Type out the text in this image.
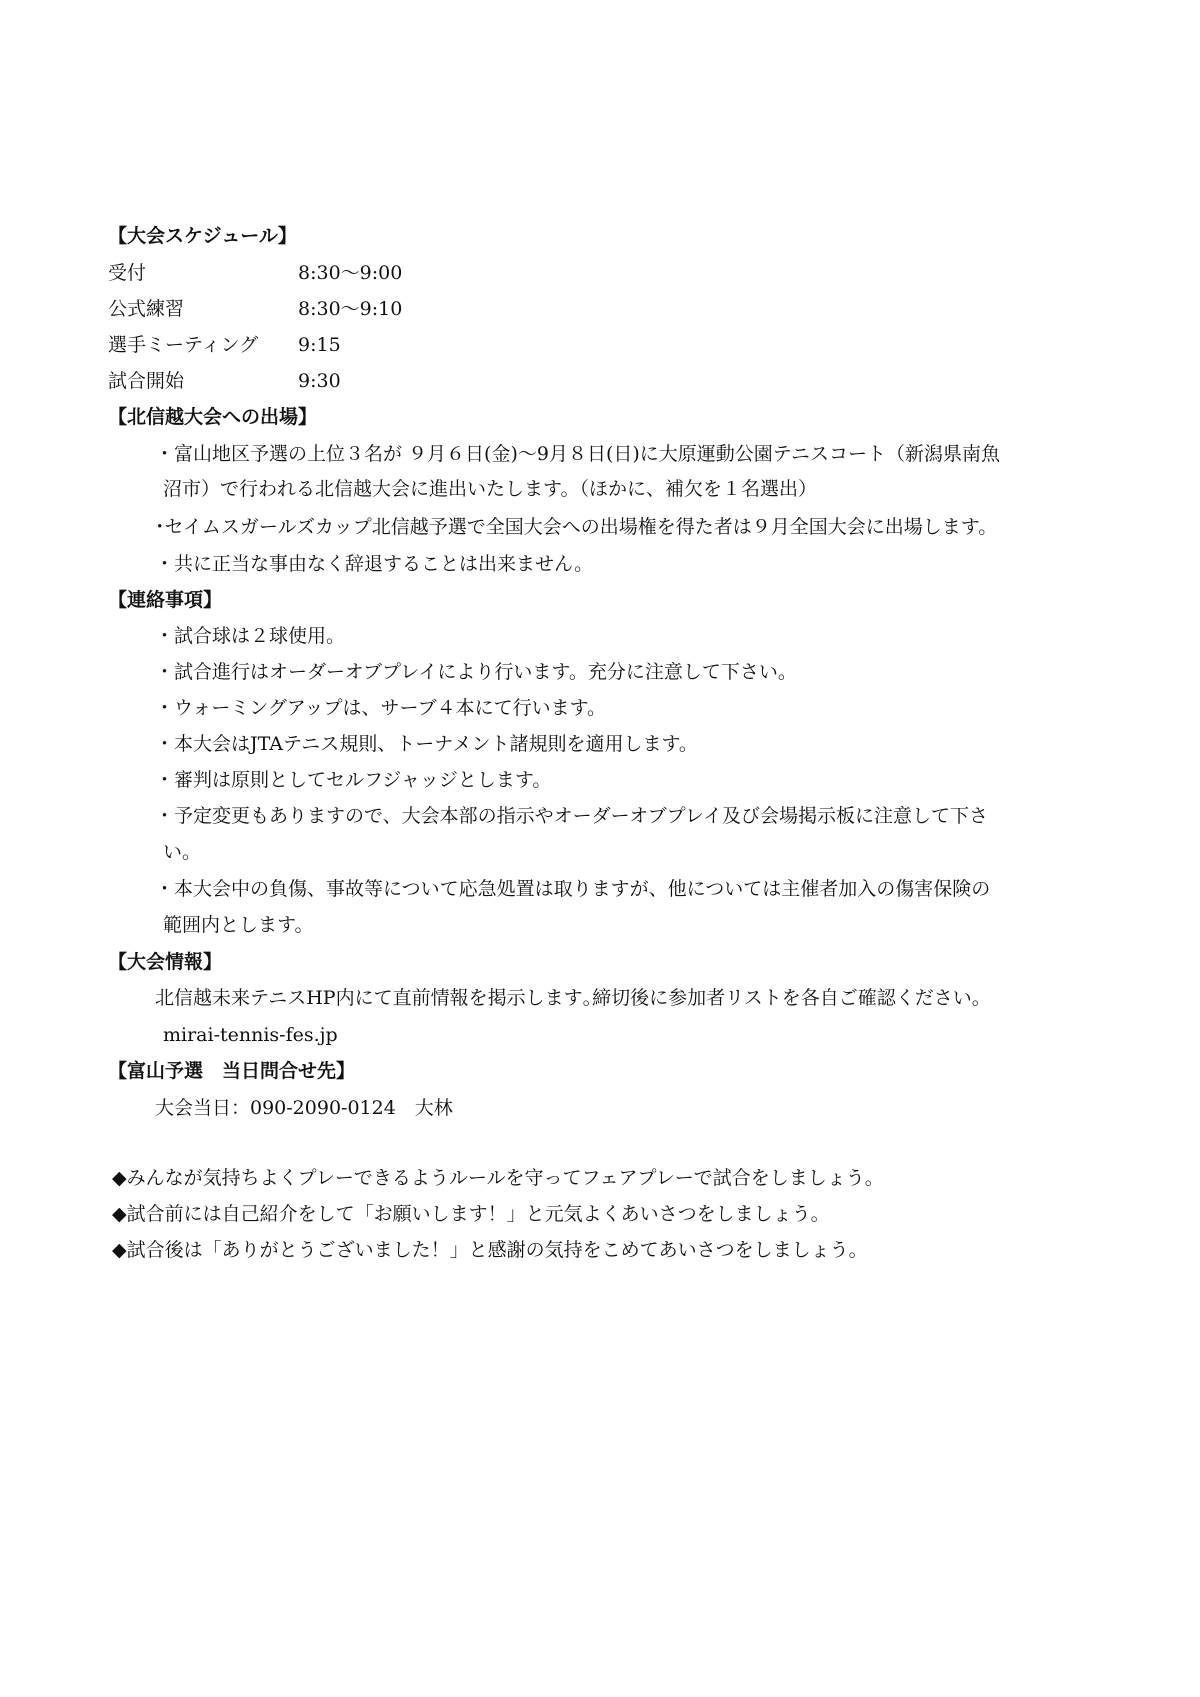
【大会スケジュール】
受付	8:30〜9:00
公式練習	8:30〜9:10
選手ミーティング 9:15
試合開始	9:30
【北信越大会への出場】
・富山地区予選の上位３名が ９月６日(金)〜9月８日(日)に大原運動公園テニスコート（新潟県南魚
沼市）で行われる北信越大会に進出いたします。（ほかに、補欠を１名選出）
･セイムスガールズカップ北信越予選で全国大会への出場権を得た者は９月全国大会に出場します。
・共に正当な事由なく辞退することは出来ません。
【連絡事項】
・試合球は２球使用。
・試合進行はオーダーオブプレイにより行います。充分に注意して下さい。
・ウォーミングアップは、サーブ４本にて行います。
・本大会はJTAテニス規則、トーナメント諸規則を適用します。
・審判は原則としてセルフジャッジとします。
・予定変更もありますので、大会本部の指示やオーダーオブプレイ及び会場掲示板に注意して下さ
い。
・本大会中の負傷、事故等について応急処置は取りますが、他については主催者加入の傷害保険の
範囲内とします。
【大会情報】
北信越未来テニスHP内にて直前情報を掲示します｡締切後に参加者リストを各自ご確認ください。
mirai-tennis-fes.jp
【富山予選　当日問合せ先】
大会当日：090-2090-0124　大林
◆みんなが気持ちよくプレーできるようルールを守ってフェアプレーで試合をしましょう。
◆試合前には自己紹介をして「お願いします！」と元気よくあいさつをしましょう。
◆試合後は「ありがとうございました！」と感謝の気持をこめてあいさつをしましょう。
